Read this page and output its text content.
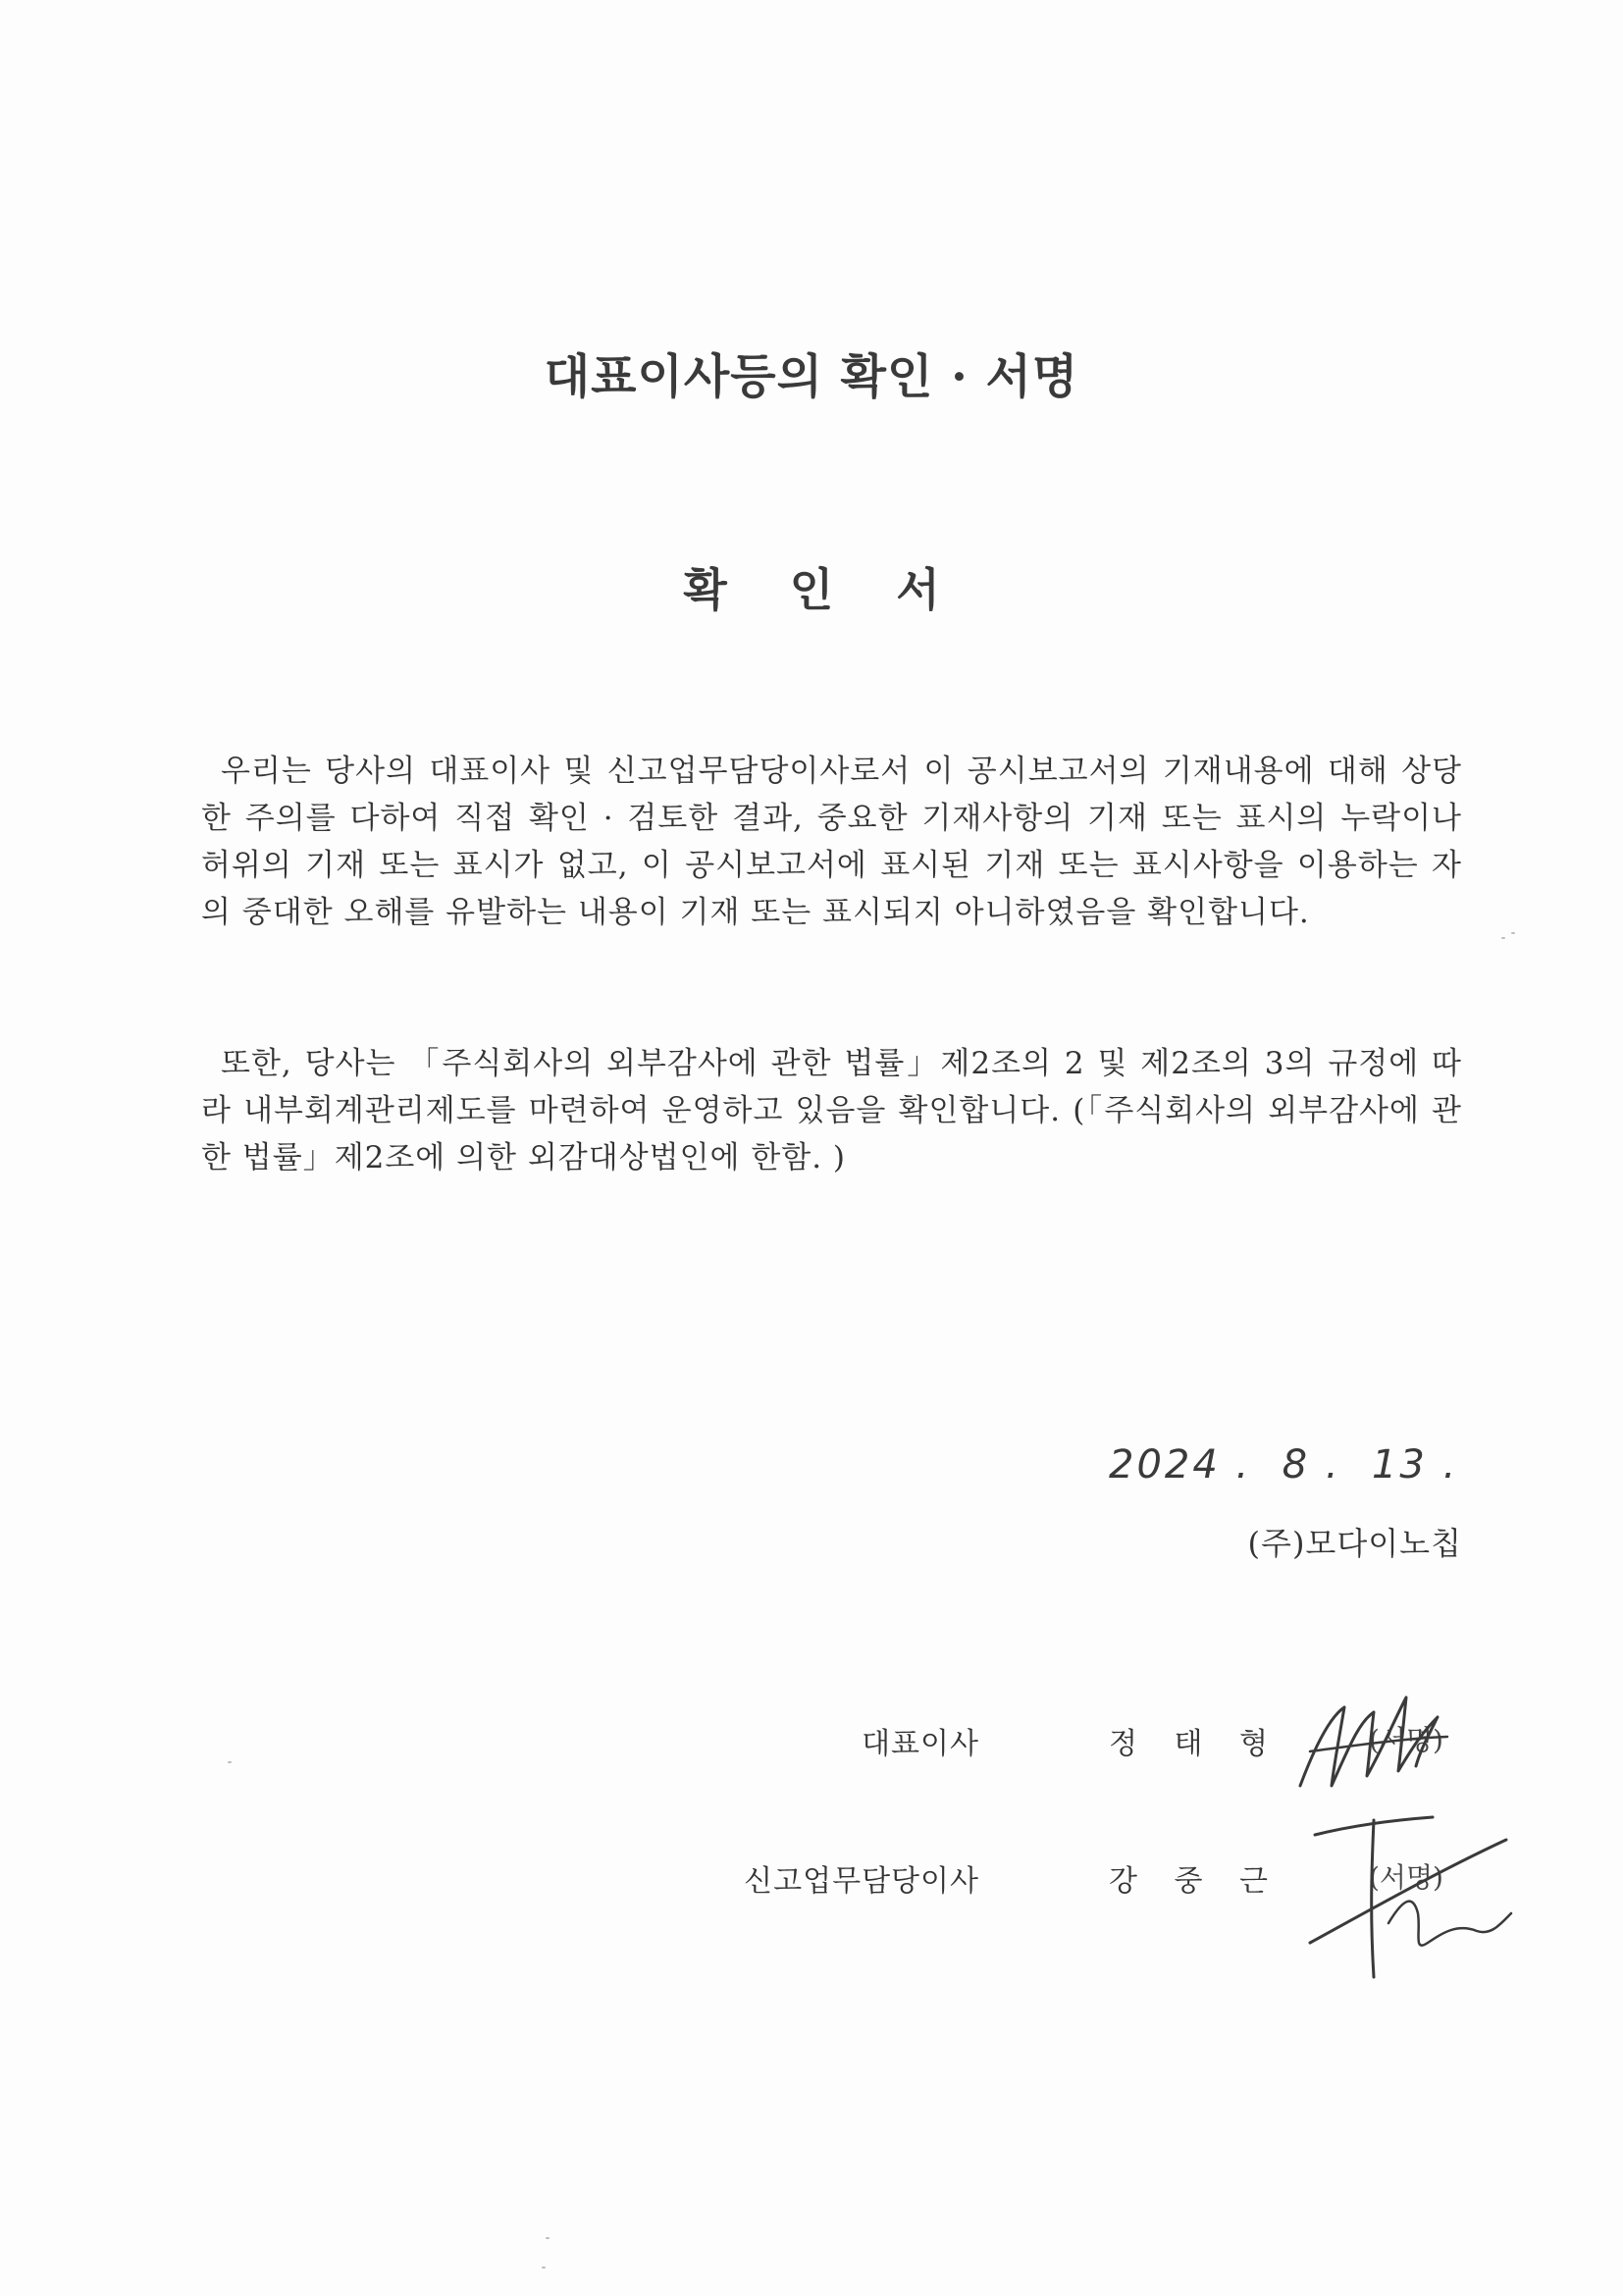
대표이사등의 확인 · 서명
확 인 서

우리는 당사의 대표이사 및 신고업무담당이사로서 이 공시보고서의 기재내용에 대해 상당한 주의를 다하여 직접 확인 · 검토한 결과, 중요한 기재사항의 기재 또는 표시의 누락이나 허위의 기재 또는 표시가 없고, 이 공시보고서에 표시된 기재 또는 표시사항을 이용하는 자의 중대한 오해를 유발하는 내용이 기재 또는 표시되지 아니하였음을 확인합니다.

또한, 당사는 「주식회사의 외부감사에 관한 법률」제2조의 2 및 제2조의 3의 규정에 따라 내부회계관리제도를 마련하여 운영하고 있음을 확인합니다. (「주식회사의 외부감사에 관한 법률」제2조에 의한 외감대상법인에 한함. )

2024 .  8 .  13 .
(주)모다이노칩
대표이사	정 태 형	(서명)
신고업무담당이사	강 중 근	(서명)
